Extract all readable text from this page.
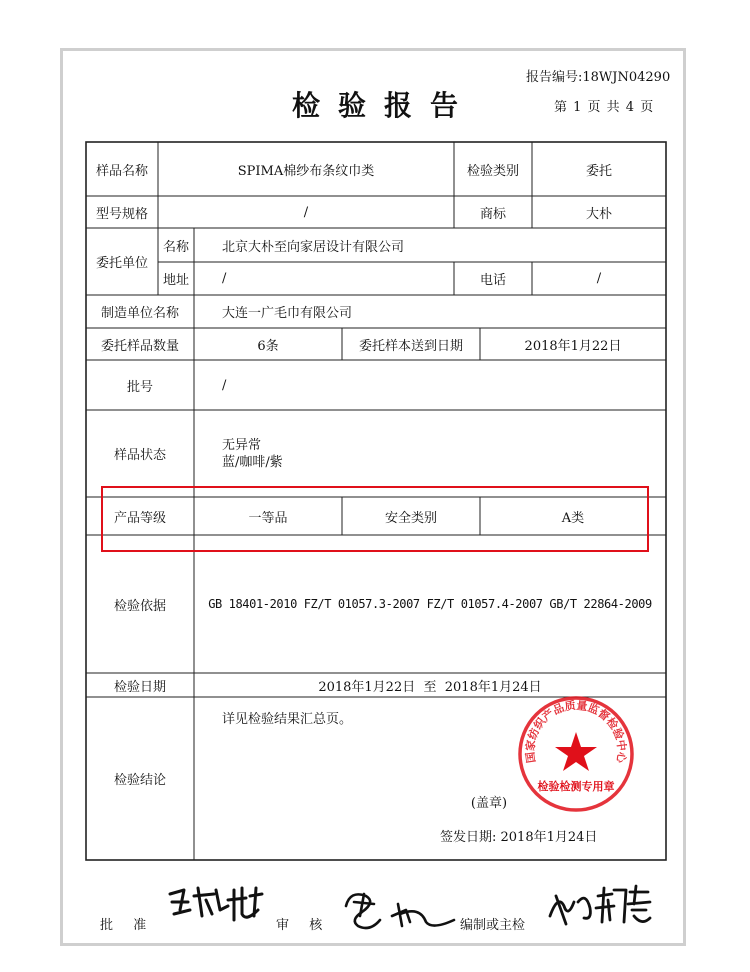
报告编号:18WJN04290
检验报告	第 1 页 共 4 页
样品名称	SPIMA棉纱布条纹巾类	检验类别	委托
型号规格	/	商标	大朴
委托单位
名称	北京大朴至向家居设计有限公司
地址	/	电话	/
制造单位名称	大连一广毛巾有限公司
委托样品数量	6条	委托样本送到日期	2018年1月22日
批号	/
样品状态
无异常
蓝/咖啡/紫
产品等级	一等品	安全类别	A类
检验依据	GB 18401-2010 FZ/T 01057.3-2007 FZ/T 01057.4-2007 GB/T 22864-2009
检验日期	2018年1月22日  至  2018年1月24日
检验结论
详见检验结果汇总页。
(盖章)
签发日期: 2018年1月24日
国家纺织产品质量监督检验中心
检验检测专用章
批  准	审  核	编制或主检
